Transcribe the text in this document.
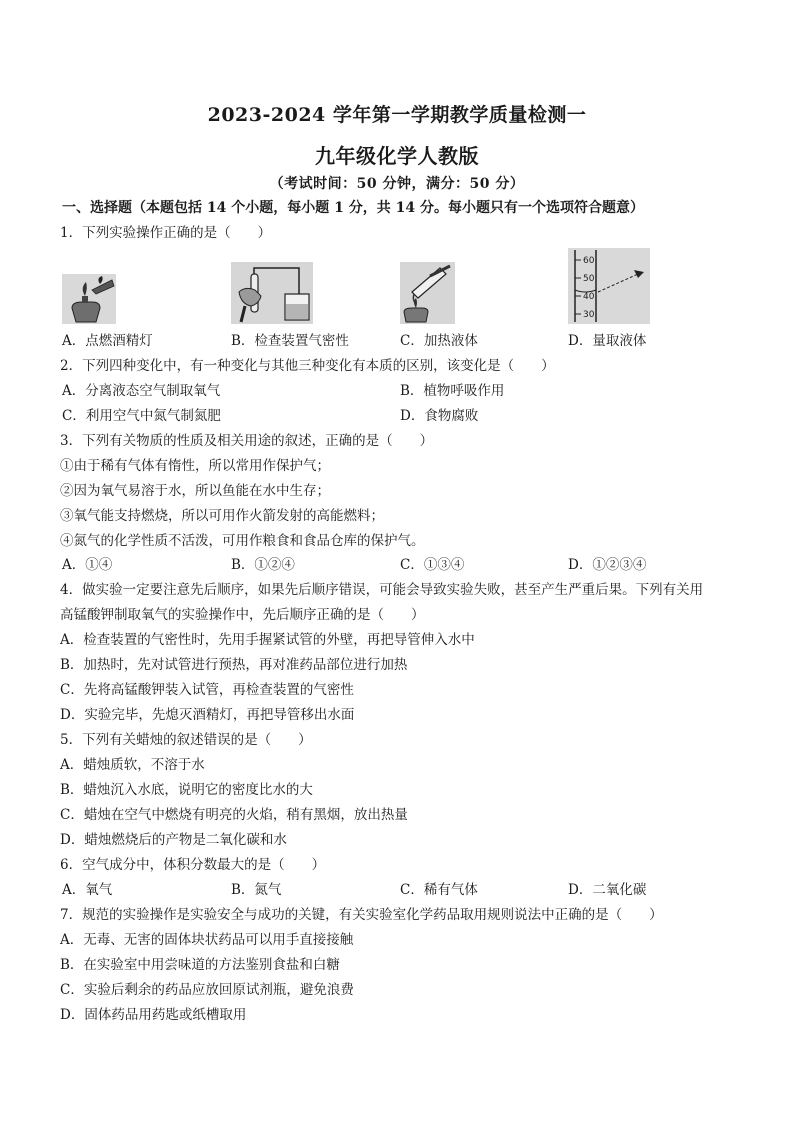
2023-2024 学年第一学期教学质量检测一
九年级化学人教版
（考试时间：50 分钟，满分：50 分）
一、选择题（本题包括 14 个小题，每小题 1 分，共 14 分。每小题只有一个选项符合题意）
1．下列实验操作正确的是（　　）
60
50
40
30
A．点燃酒精灯	B．检查装置气密性	C．加热液体	D．量取液体
2．下列四种变化中，有一种变化与其他三种变化有本质的区别，该变化是（　　）
A．分离液态空气制取氧气	B．植物呼吸作用
C．利用空气中氮气制氮肥	D．食物腐败
3．下列有关物质的性质及相关用途的叙述，正确的是（　　）
①由于稀有气体有惰性，所以常用作保护气；
②因为氧气易溶于水，所以鱼能在水中生存；
③氧气能支持燃烧，所以可用作火箭发射的高能燃料；
④氮气的化学性质不活泼，可用作粮食和食品仓库的保护气。
A．①④	B．①②④	C．①③④	D．①②③④
4．做实验一定要注意先后顺序，如果先后顺序错误，可能会导致实验失败，甚至产生严重后果。下列有关用
高锰酸钾制取氧气的实验操作中，先后顺序正确的是（　　）
A．检查装置的气密性时，先用手握紧试管的外壁，再把导管伸入水中
B．加热时，先对试管进行预热，再对准药品部位进行加热
C．先将高锰酸钾装入试管，再检查装置的气密性
D．实验完毕，先熄灭酒精灯，再把导管移出水面
5．下列有关蜡烛的叙述错误的是（　　）
A．蜡烛质软，不溶于水
B．蜡烛沉入水底，说明它的密度比水的大
C．蜡烛在空气中燃烧有明亮的火焰，稍有黑烟，放出热量
D．蜡烛燃烧后的产物是二氧化碳和水
6．空气成分中，体积分数最大的是（　　）
A．氧气	B．氮气	C．稀有气体	D．二氧化碳
7．规范的实验操作是实验安全与成功的关键，有关实验室化学药品取用规则说法中正确的是（　　）
A．无毒、无害的固体块状药品可以用手直接接触
B．在实验室中用尝味道的方法鉴别食盐和白糖
C．实验后剩余的药品应放回原试剂瓶，避免浪费
D．固体药品用药匙或纸槽取用
